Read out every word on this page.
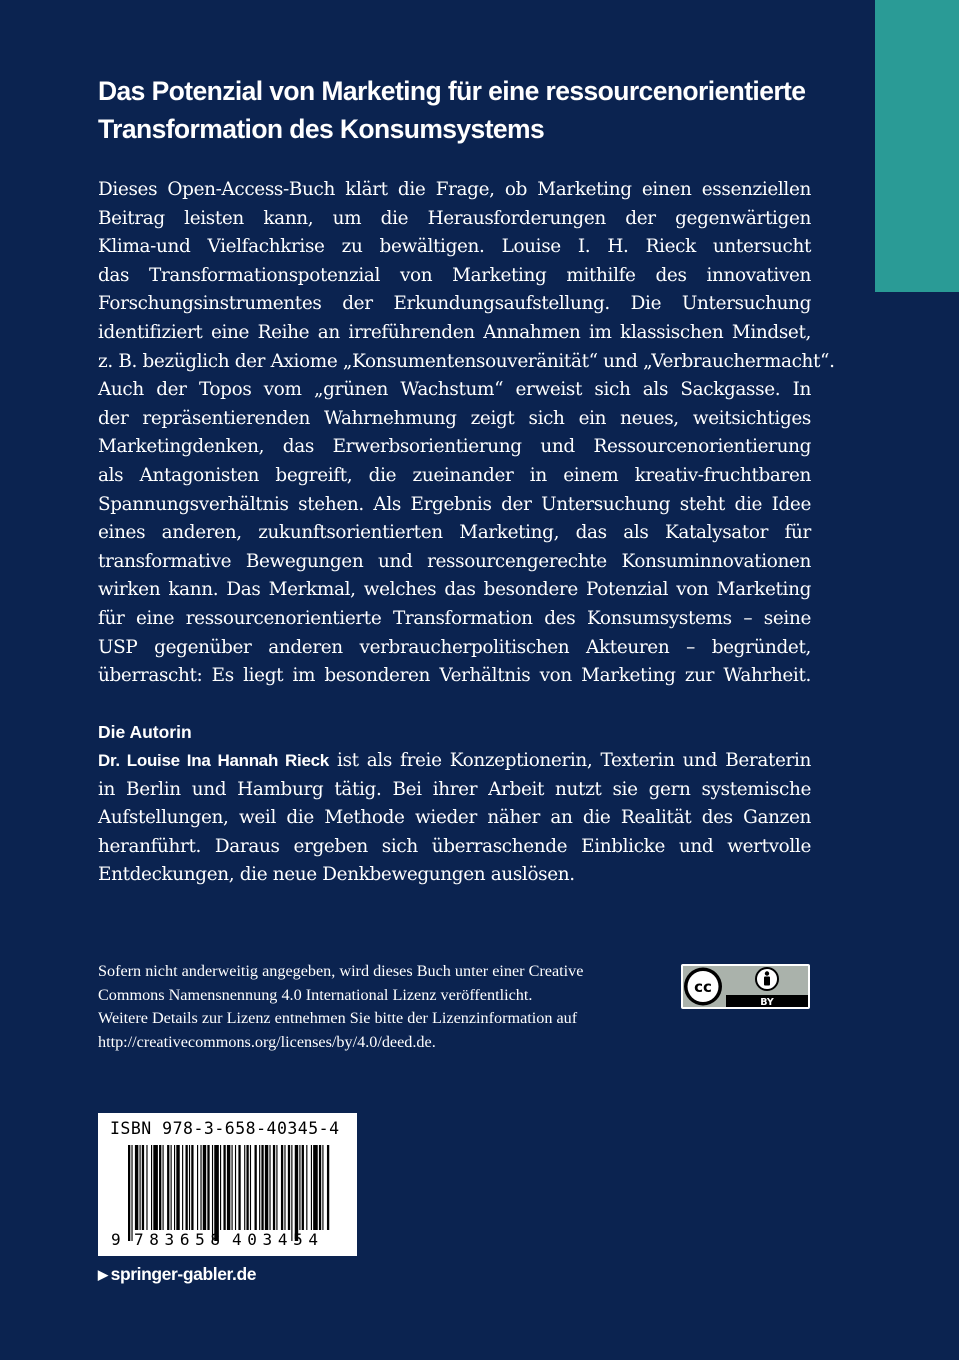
Das Potenzial von Marketing für eine ressourcenorientierte
Transformation des Konsumsystems

Dieses Open-Access-Buch klärt die Frage, ob Marketing einen essenziellen
Beitrag leisten kann, um die Herausforderungen der gegenwärtigen
Klima-und Vielfachkrise zu bewältigen. Louise I. H. Rieck untersucht
das Transformationspotenzial von Marketing mithilfe des innovativen
Forschungsinstrumentes der Erkundungsaufstellung. Die Untersuchung
identifiziert eine Reihe an irreführenden Annahmen im klassischen Mindset,
z. B. bezüglich der Axiome „Konsumentensouveränität“ und „Verbrauchermacht“.
Auch der Topos vom „grünen Wachstum“ erweist sich als Sackgasse. In
der repräsentierenden Wahrnehmung zeigt sich ein neues, weitsichtiges
Marketingdenken, das Erwerbsorientierung und Ressourcenorientierung
als Antagonisten begreift, die zueinander in einem kreativ-fruchtbaren
Spannungsverhältnis stehen. Als Ergebnis der Untersuchung steht die Idee
eines anderen, zukunftsorientierten Marketing, das als Katalysator für
transformative Bewegungen und ressourcengerechte Konsuminnovationen
wirken kann. Das Merkmal, welches das besondere Potenzial von Marketing
für eine ressourcenorientierte Transformation des Konsumsystems – seine
USP gegenüber anderen verbraucherpolitischen Akteuren – begründet,
überrascht: Es liegt im besonderen Verhältnis von Marketing zur Wahrheit.

Die Autorin

Dr. Louise Ina Hannah Rieck ist als freie Konzeptionerin, Texterin und Beraterin
in Berlin und Hamburg tätig. Bei ihrer Arbeit nutzt sie gern systemische
Aufstellungen, weil die Methode wieder näher an die Realität des Ganzen
heranführt. Daraus ergeben sich überraschende Einblicke und wertvolle
Entdeckungen, die neue Denkbewegungen auslösen.

Sofern nicht anderweitig angegeben, wird dieses Buch unter einer Creative
Commons Namensnennung 4.0 International Lizenz veröffentlicht.
Weitere Details zur Lizenz entnehmen Sie bitte der Lizenzinformation auf
http://creativecommons.org/licenses/by/4.0/deed.de.

cc
BY
ISBN 978-3-658-40345-4
9 783658 403454
▶ springer-gabler.de
